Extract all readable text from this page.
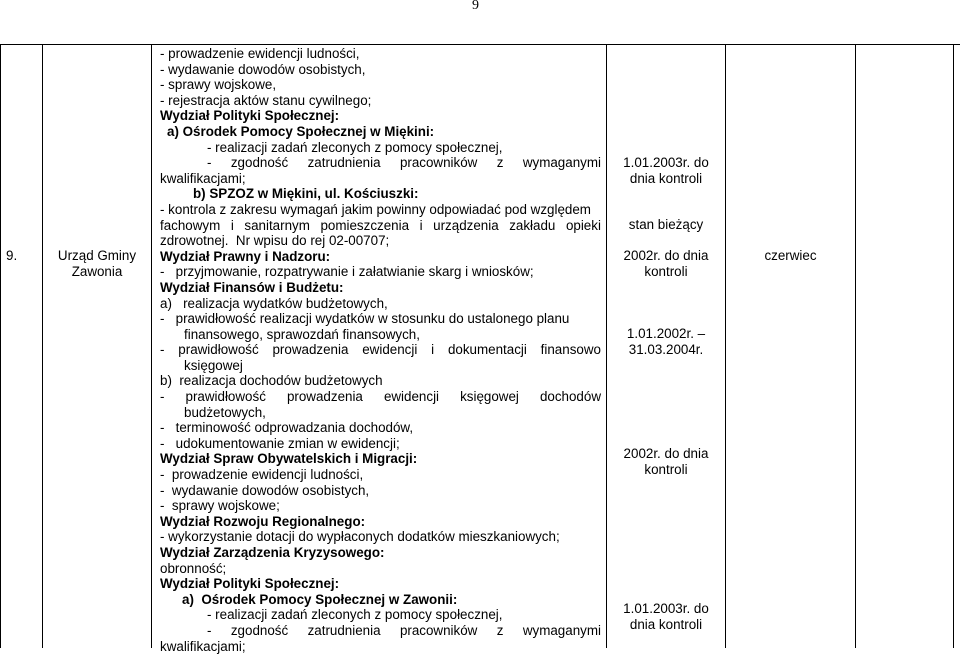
9
9.	Urząd Gminy
Zawonia
- prowadzenie ewidencji ludności,
- wydawanie dowodów osobistych,
- sprawy wojskowe,
- rejestracja aktów stanu cywilnego;
Wydział Polityki Społecznej:
a) Ośrodek Pomocy Społecznej w Miękini:
- realizacji zadań zleconych z pomocy społecznej,
- zgodność zatrudnienia pracowników z wymaganymi
kwalifikacjami;
b) SPZOZ w Miękini, ul. Kościuszki:
- kontrola z zakresu wymagań jakim powinny odpowiadać pod względem
fachowym i sanitarnym pomieszczenia i urządzenia zakładu opieki
zdrowotnej.  Nr wpisu do rej 02-00707;
Wydział Prawny i Nadzoru:
-   przyjmowanie, rozpatrywanie i załatwianie skarg i wniosków;
Wydział Finansów i Budżetu:
a)   realizacja wydatków budżetowych,
-   prawidłowość realizacji wydatków w stosunku do ustalonego planu
finansowego, sprawozdań finansowych,
- prawidłowość prowadzenia ewidencji i dokumentacji finansowo
księgowej
b)  realizacja dochodów budżetowych
- prawidłowość prowadzenia ewidencji księgowej dochodów
budżetowych,
-   terminowość odprowadzania dochodów,
-   udokumentowanie zmian w ewidencji;
Wydział Spraw Obywatelskich i Migracji:
-  prowadzenie ewidencji ludności,
-  wydawanie dowodów osobistych,
-  sprawy wojskowe;
Wydział Rozwoju Regionalnego:
- wykorzystanie dotacji do wypłaconych dodatków mieszkaniowych;
Wydział Zarządzenia Kryzysowego:
obronność;
Wydział Polityki Społecznej:
a)  Ośrodek Pomocy Społecznej w Zawonii:
- realizacji zadań zleconych z pomocy społecznej,
- zgodność zatrudnienia pracowników z wymaganymi
kwalifikacjami;
1.01.2003r. do
dnia kontroli
stan bieżący
2002r. do dnia
kontroli
1.01.2002r. –
31.03.2004r.
2002r. do dnia
kontroli
1.01.2003r. do
dnia kontroli
czerwiec
